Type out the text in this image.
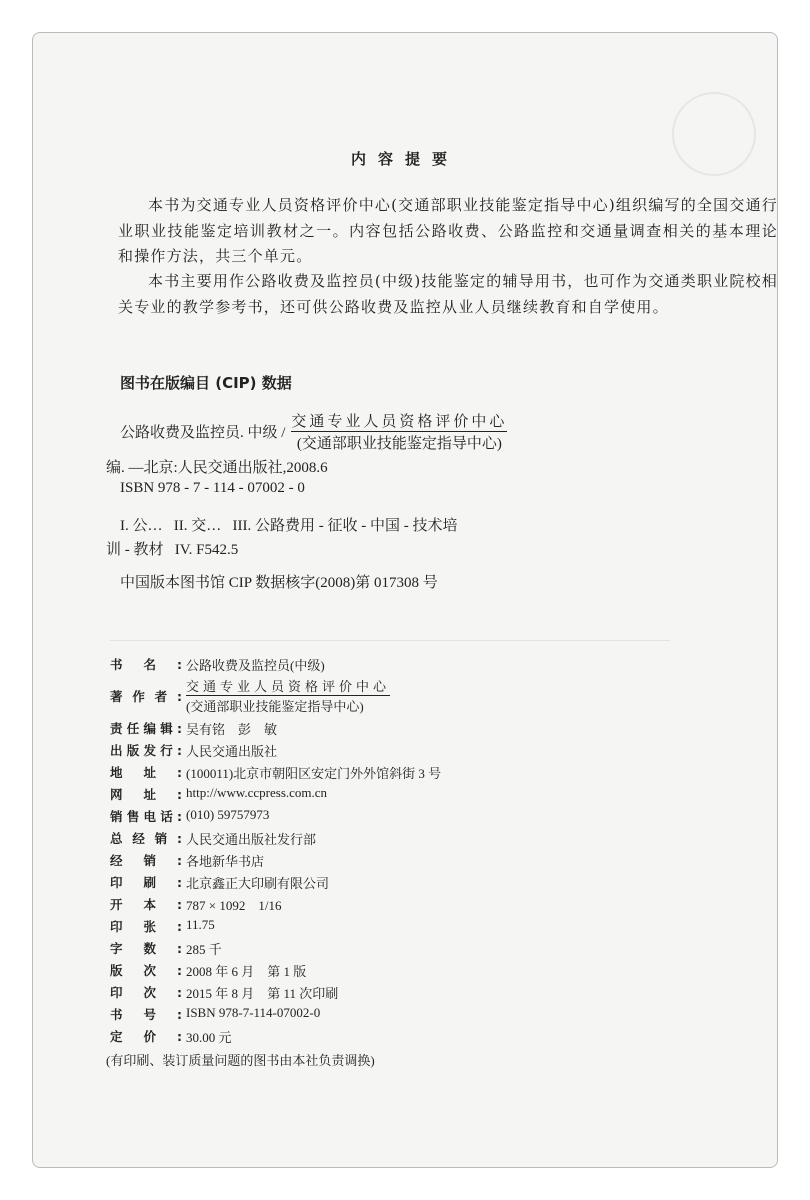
内容提要
本书为交通专业人员资格评价中心(交通部职业技能鉴定指导中心)组织编写的全国交通行业职业技能鉴定培训教材之一。内容包括公路收费、公路监控和交通量调查相关的基本理论和操作方法，共三个单元。
本书主要用作公路收费及监控员(中级)技能鉴定的辅导用书，也可作为交通类职业院校相关专业的教学参考书，还可供公路收费及监控从业人员继续教育和自学使用。
图书在版编目 (CIP) 数据
公路收费及监控员. 中级 / $\frac{\text{交通专业人员资格评价中心}}{\text{(交通部职业技能鉴定指导中心)}}$
编. —北京:人民交通出版社,2008.6
ISBN 978 - 7 - 114 - 07002 - 0
I. 公…   II. 交…   III. 公路费用 - 征收 - 中国 - 技术培
训 - 教材   IV. F542.5
中国版本图书馆 CIP 数据核字(2008)第 017308 号
书名: 公路收费及监控员(中级)
著作者:
交通专业人员资格评价中心
(交通部职业技能鉴定指导中心)
责任编辑: 吴有铭　彭　敏
出版发行: 人民交通出版社
地址: (100011)北京市朝阳区安定门外外馆斜街 3 号
网址: http://www.ccpress.com.cn
销售电话: (010) 59757973
总经销: 人民交通出版社发行部
经销: 各地新华书店
印刷: 北京鑫正大印刷有限公司
开本: 787 × 1092　1/16
印张: 11.75
字数: 285 千
版次: 2008 年 6 月　第 1 版
印次: 2015 年 8 月　第 11 次印刷
书号: ISBN 978-7-114-07002-0
定价: 30.00 元
(有印刷、装订质量问题的图书由本社负责调换)
